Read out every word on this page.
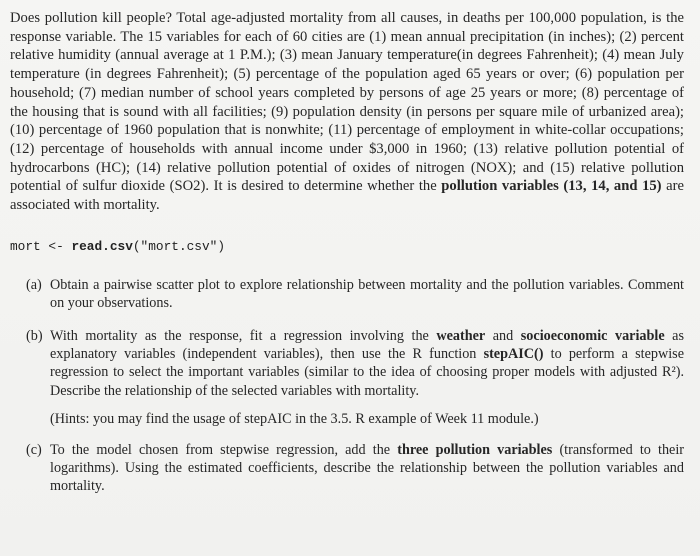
Does pollution kill people? Total age-adjusted mortality from all causes, in deaths per 100,000 population, is the response variable. The 15 variables for each of 60 cities are (1) mean annual precipitation (in inches); (2) percent relative humidity (annual average at 1 P.M.); (3) mean January temperature(in degrees Fahrenheit); (4) mean July temperature (in degrees Fahrenheit); (5) percentage of the population aged 65 years or over; (6) population per household; (7) median number of school years completed by persons of age 25 years or more; (8) percentage of the housing that is sound with all facilities; (9) population density (in persons per square mile of urbanized area); (10) percentage of 1960 population that is nonwhite; (11) percentage of employment in white-collar occupations;(12) percentage of households with annual income under $3,000 in 1960; (13) relative pollution potential of hydrocarbons (HC); (14) relative pollution potential of oxides of nitrogen (NOX); and (15) relative pollution potential of sulfur dioxide (SO2). It is desired to determine whether the pollution variables (13, 14, and 15) are associated with mortality.

mort <- read.csv("mort.csv")
(a) Obtain a pairwise scatter plot to explore relationship between mortality and the pollution variables. Comment on your observations.
(b) With mortality as the response, fit a regression involving the weather and socioeconomic variable as explanatory variables (independent variables), then use the R function stepAIC() to perform a stepwise regression to select the important variables (similar to the idea of choosing proper models with adjusted R²). Describe the relationship of the selected variables with mortality.
(Hints: you may find the usage of stepAIC in the 3.5. R example of Week 11 module.)
(c) To the model chosen from stepwise regression, add the three pollution variables (transformed to their logarithms). Using the estimated coefficients, describe the relationship between the pollution variables and mortality.
